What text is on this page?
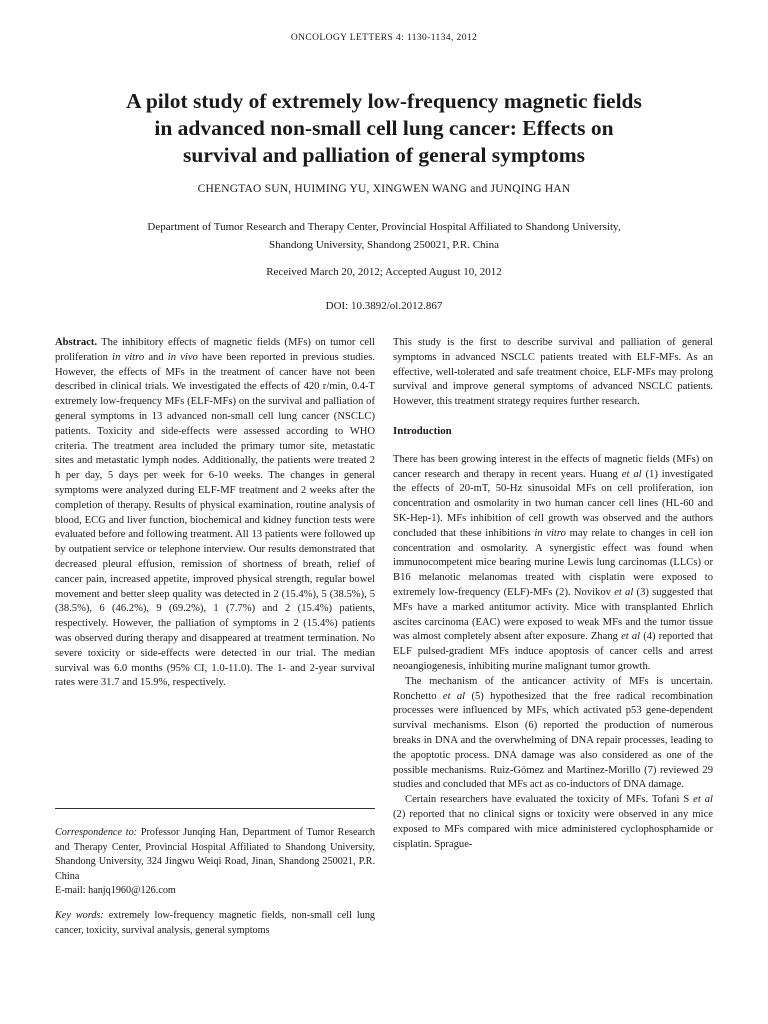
ONCOLOGY LETTERS 4: 1130-1134, 2012
A pilot study of extremely low-frequency magnetic fields
in advanced non-small cell lung cancer: Effects on
survival and palliation of general symptoms
CHENGTAO SUN, HUIMING YU, XINGWEN WANG and JUNQING HAN
Department of Tumor Research and Therapy Center, Provincial Hospital Affiliated to Shandong University,
Shandong University, Shandong 250021, P.R. China
Received March 20, 2012; Accepted August 10, 2012
DOI: 10.3892/ol.2012.867

Abstract. The inhibitory effects of magnetic fields (MFs) on tumor cell proliferation in vitro and in vivo have been reported in previous studies. However, the effects of MFs in the treatment of cancer have not been described in clinical trials. We investigated the effects of 420 r/min, 0.4-T extremely low-frequency MFs (ELF-MFs) on the survival and palliation of general symptoms in 13 advanced non-small cell lung cancer (NSCLC) patients. Toxicity and side-effects were assessed according to WHO criteria. The treatment area included the primary tumor site, metastatic sites and metastatic lymph nodes. Additionally, the patients were treated 2 h per day, 5 days per week for 6-10 weeks. The changes in general symptoms were analyzed during ELF-MF treatment and 2 weeks after the completion of therapy. Results of physical examination, routine analysis of blood, ECG and liver function, biochemical and kidney function tests were evaluated before and following treatment. All 13 patients were followed up by outpatient service or telephone interview. Our results demonstrated that decreased pleural effusion, remission of shortness of breath, relief of cancer pain, increased appetite, improved physical strength, regular bowel movement and better sleep quality was detected in 2 (15.4%), 5 (38.5%), 5 (38.5%), 6 (46.2%), 9 (69.2%), 1 (7.7%) and 2 (15.4%) patients, respectively. However, the palliation of symptoms in 2 (15.4%) patients was observed during therapy and disappeared at treatment termination. No severe toxicity or side-effects were detected in our trial. The median survival was 6.0 months (95% CI, 1.0-11.0). The 1- and 2-year survival rates were 31.7 and 15.9%, respectively.

Correspondence to: Professor Junqing Han, Department of Tumor Research and Therapy Center, Provincial Hospital Affiliated to Shandong University, Shandong University, 324 Jingwu Weiqi Road, Jinan, Shandong 250021, P.R. China
E-mail: hanjq1960@126.com
Key words: extremely low-frequency magnetic fields, non-small cell lung cancer, toxicity, survival analysis, general symptoms

This study is the first to describe survival and palliation of general symptoms in advanced NSCLC patients treated with ELF-MFs. As an effective, well-tolerated and safe treatment choice, ELF-MFs may prolong survival and improve general symptoms of advanced NSCLC patients. However, this treatment strategy requires further research.

Introduction

There has been growing interest in the effects of magnetic fields (MFs) on cancer research and therapy in recent years. Huang et al (1) investigated the effects of 20-mT, 50-Hz sinusoidal MFs on cell proliferation, ion concentration and osmolarity in two human cancer cell lines (HL-60 and SK-Hep-1). MFs inhibition of cell growth was observed and the authors concluded that these inhibitions in vitro may relate to changes in cell ion concentration and osmolarity. A synergistic effect was found when immunocompetent mice bearing murine Lewis lung carcinomas (LLCs) or B16 melanotic melanomas treated with cisplatin were exposed to extremely low-frequency (ELF)-MFs (2). Novikov et al (3) suggested that MFs have a marked antitumor activity. Mice with transplanted Ehrlich ascites carcinoma (EAC) were exposed to weak MFs and the tumor tissue was almost completely absent after exposure. Zhang et al (4) reported that ELF pulsed-gradient MFs induce apoptosis of cancer cells and arrest neoangiogenesis, inhibiting murine malignant tumor growth.

The mechanism of the anticancer activity of MFs is uncertain. Ronchetto et al (5) hypothesized that the free radical recombination processes were influenced by MFs, which activated p53 gene-dependent survival mechanisms. Elson (6) reported the production of numerous breaks in DNA and the overwhelming of DNA repair processes, leading to the apoptotic process. DNA damage was also considered as one of the possible mechanisms. Ruiz-Gómez and Martínez-Morillo (7) reviewed 29 studies and concluded that MFs act as co-inductors of DNA damage.

Certain researchers have evaluated the toxicity of MFs. Tofani S et al (2) reported that no clinical signs or toxicity were observed in any mice exposed to MFs compared with mice administered cyclophosphamide or cisplatin. Sprague-
